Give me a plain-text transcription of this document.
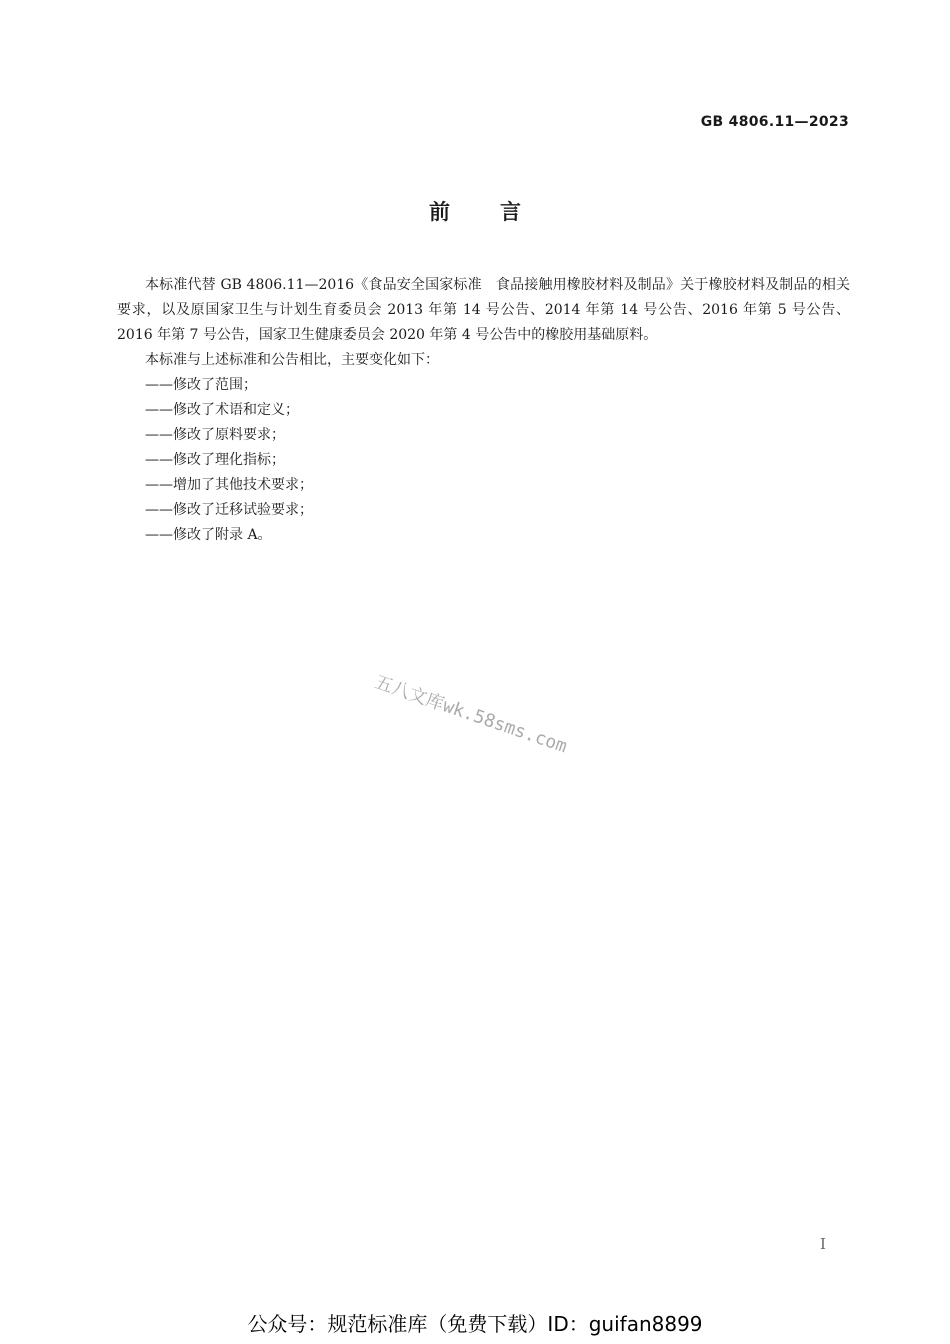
GB 4806.11—2023
前言

本标准代替 GB 4806.11—2016《食品安全国家标准　食品接触用橡胶材料及制品》关于橡胶材料及制品的相关要求，以及原国家卫生与计划生育委员会 2013 年第 14 号公告、2014 年第 14 号公告、2016 年第 5 号公告、2016 年第 7 号公告，国家卫生健康委员会 2020 年第 4 号公告中的橡胶用基础原料。

本标准与上述标准和公告相比，主要变化如下：

——修改了范围；
——修改了术语和定义；
——修改了原料要求；
——修改了理化指标；
——增加了其他技术要求；
——修改了迁移试验要求；
——修改了附录 A。
五八文库wk.58sms.com
I
公众号：规范标准库（免费下载）ID：guifan8899
